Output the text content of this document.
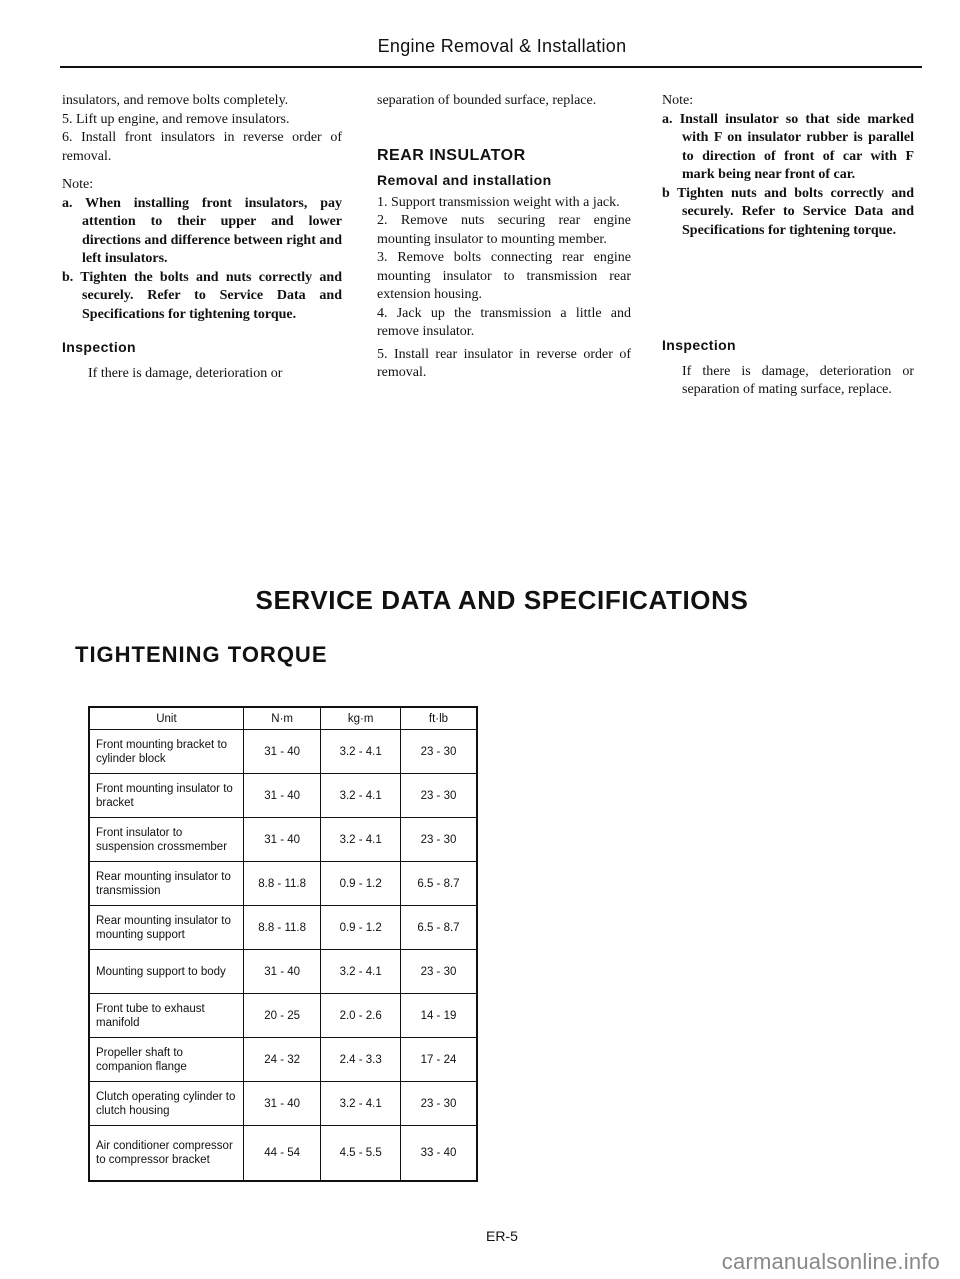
Engine Removal & Installation

insulators, and remove bolts completely.

5. Lift up engine, and remove insulators.

6. Install front insulators in reverse order of removal.

Note:

a. When installing front insulators, pay attention to their upper and lower directions and difference between right and left insulators.

b. Tighten the bolts and nuts correctly and securely. Refer to Service Data and Specifications for tightening torque.

Inspection

If there is damage, deterioration or

separation of bounded surface, replace.

REAR INSULATOR

Removal and installation

1. Support transmission weight with a jack.

2. Remove nuts securing rear engine mounting insulator to mounting member.

3. Remove bolts connecting rear engine mounting insulator to transmission rear extension housing.

4. Jack up the transmission a little and remove insulator.

5. Install rear insulator in reverse order of removal.

Note:

a. Install insulator so that side marked with F on insulator rubber is parallel to direction of front of car with F mark being near front of car.

b Tighten nuts and bolts correctly and securely. Refer to Service Data and Specifications for tightening torque.

Inspection

If there is damage, deterioration or separation of mating surface, replace.

SERVICE DATA AND SPECIFICATIONS
TIGHTENING TORQUE
Unit	N·m	kg·m	ft·lb
Front mounting bracket to cylinder block	31 - 40	3.2 - 4.1	23 - 30
Front mounting insulator to bracket	31 - 40	3.2 - 4.1	23 - 30
Front insulator to suspension crossmember	31 - 40	3.2 - 4.1	23 - 30
Rear mounting insulator to transmission	8.8 - 11.8	0.9 - 1.2	6.5 - 8.7
Rear mounting insulator to mounting support	8.8 - 11.8	0.9 - 1.2	6.5 - 8.7
Mounting support to body	31 - 40	3.2 - 4.1	23 - 30
Front tube to exhaust manifold	20 - 25	2.0 - 2.6	14 - 19
Propeller shaft to companion flange	24 - 32	2.4 - 3.3	17 - 24
Clutch operating cylinder to clutch housing	31 - 40	3.2 - 4.1	23 - 30
Air conditioner compressor to compressor bracket	44 - 54	4.5 - 5.5	33 - 40
ER-5
carmanualsonline.info
